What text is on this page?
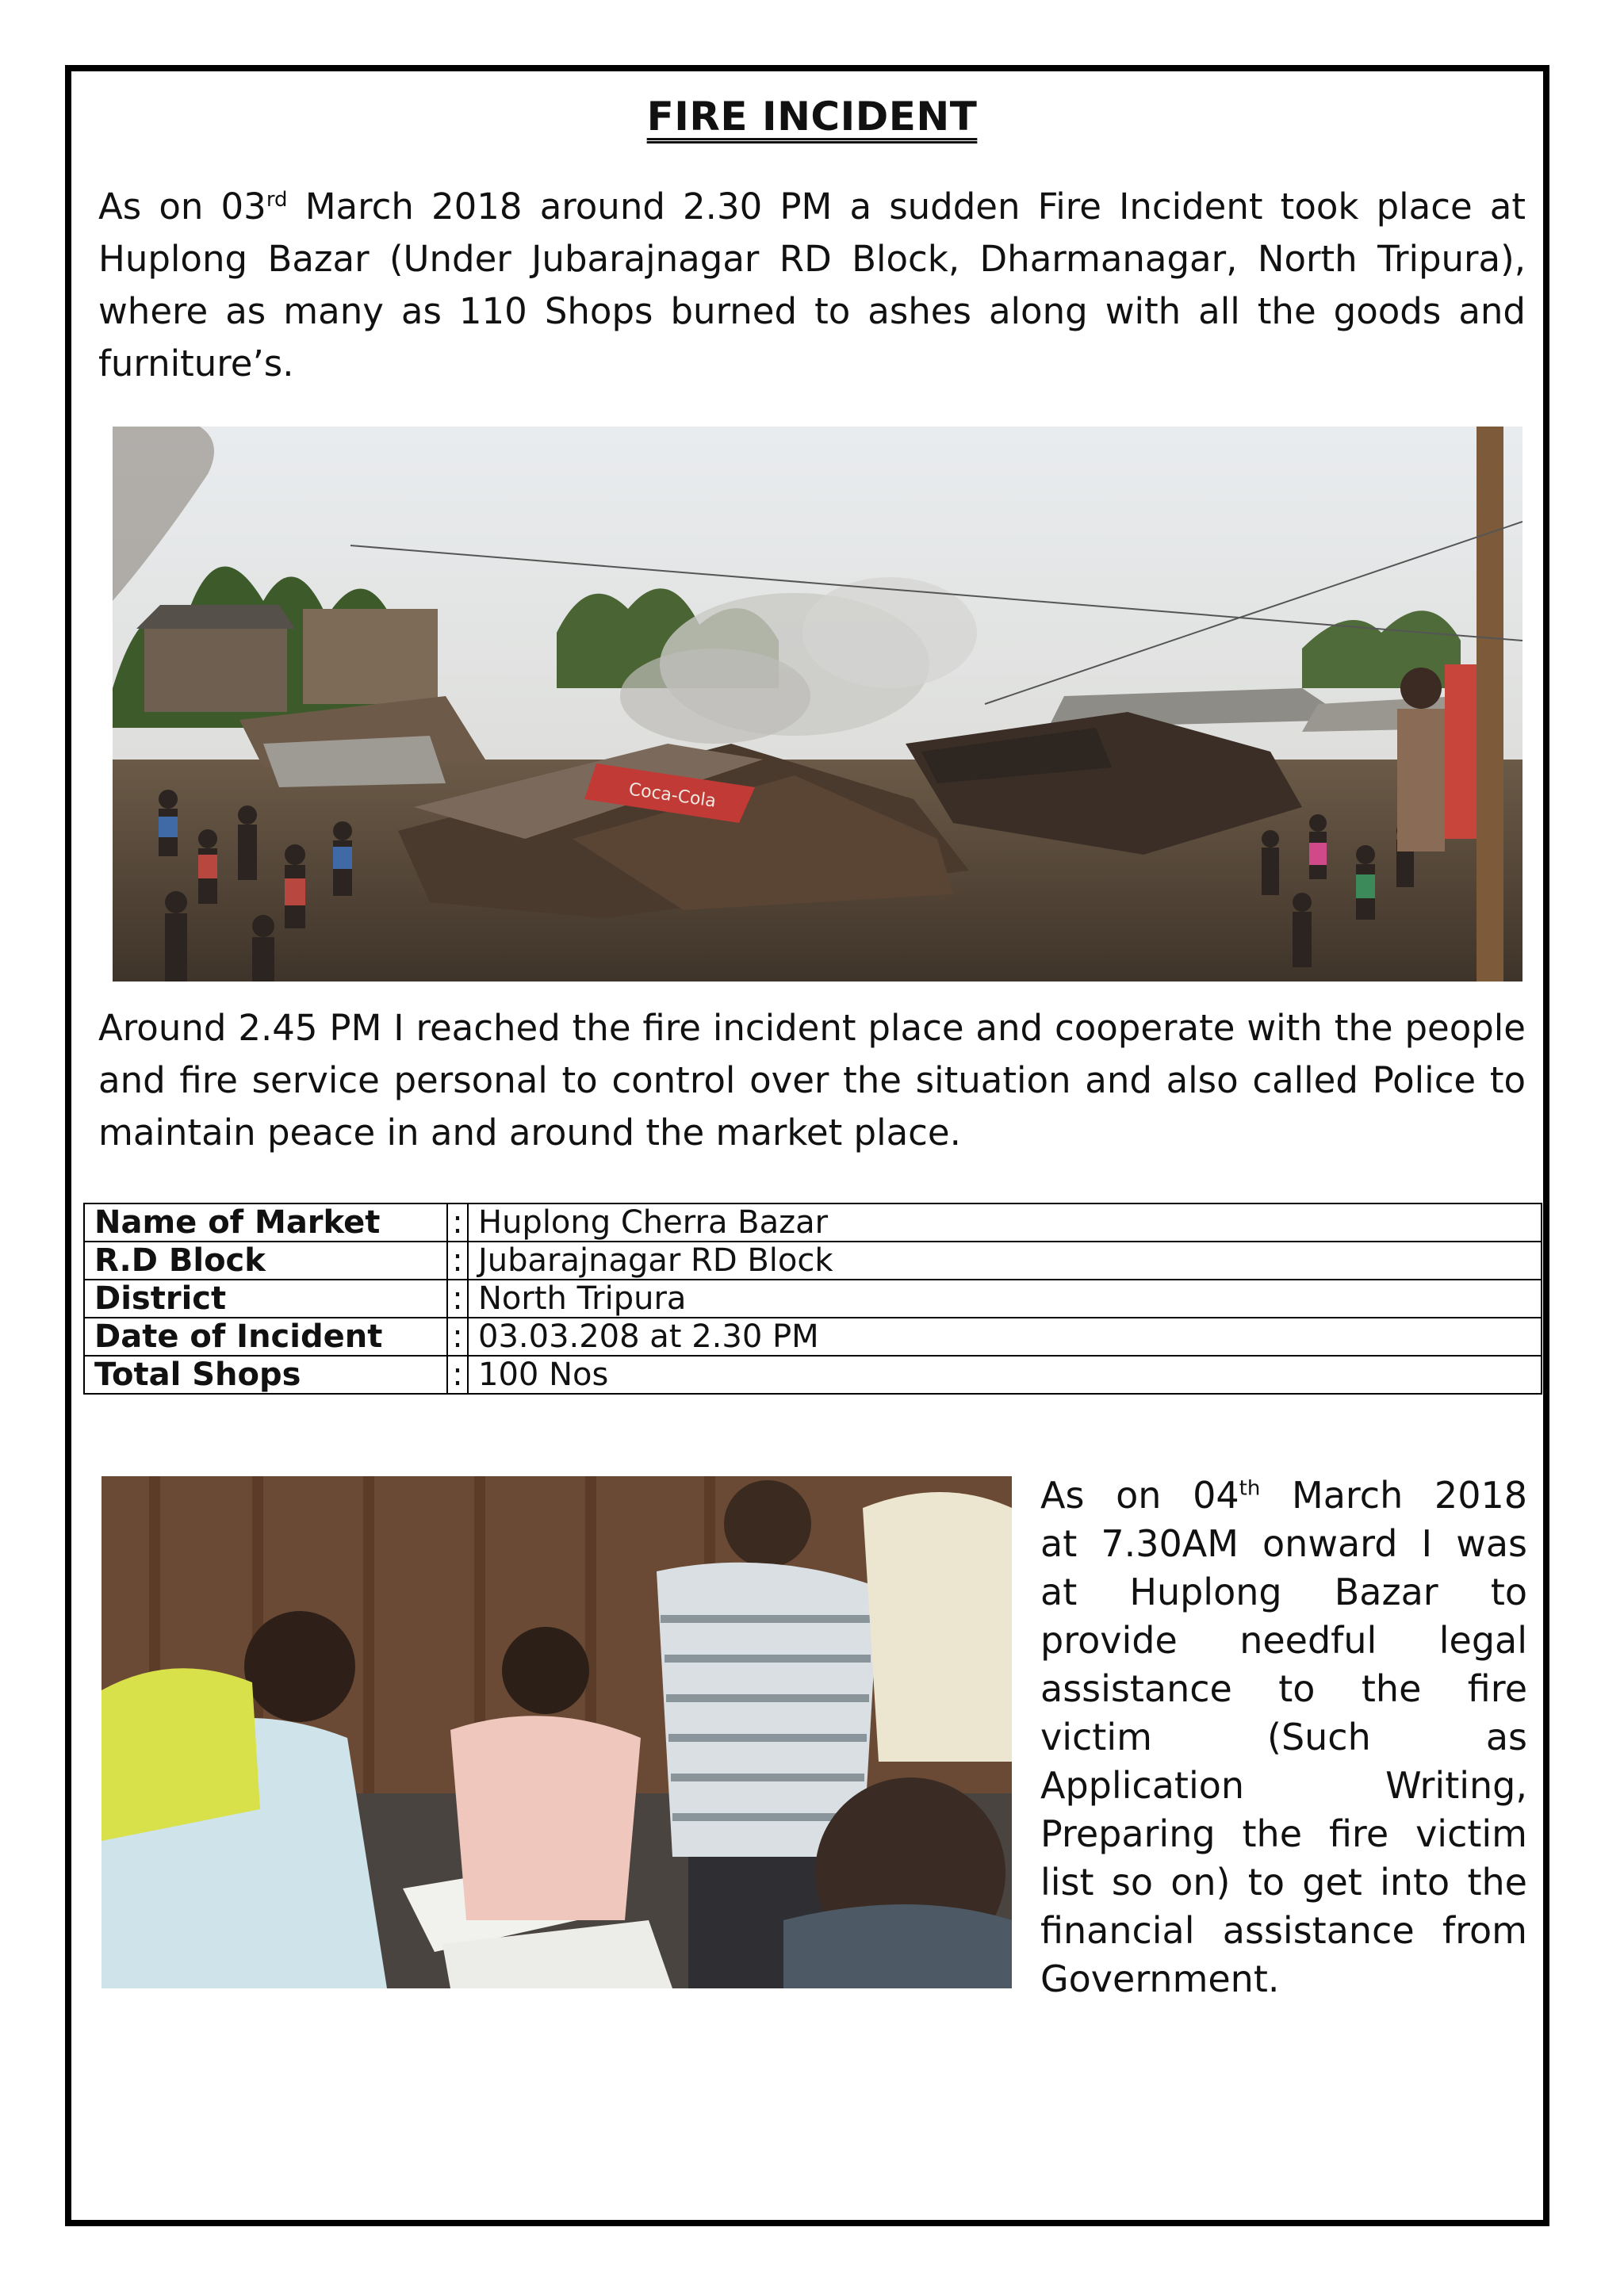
FIRE INCIDENT

As on 03rd March 2018 around 2.30 PM a sudden Fire Incident took place at Huplong Bazar (Under Jubarajnagar RD Block, Dharmanagar, North Tripura), where as many as 110 Shops burned to ashes along with all the goods and furniture’s.

Coca-Cola

Around 2.45 PM I reached the fire incident place and cooperate with the people and fire service personal to control over the situation and also called Police to maintain peace in and around the market place.

Name of Market	:	Huplong Cherra Bazar
R.D Block	:	Jubarajnagar RD Block
District	:	North Tripura
Date of Incident	:	03.03.208 at 2.30 PM
Total Shops	:	100 Nos
As on 04th March 2018
at 7.30AM onward I was
at Huplong Bazar to
provide needful legal
assistance to the fire
victim (Such as
Application Writing,
Preparing the fire victim
list so on) to get into the
financial assistance from
Government.
